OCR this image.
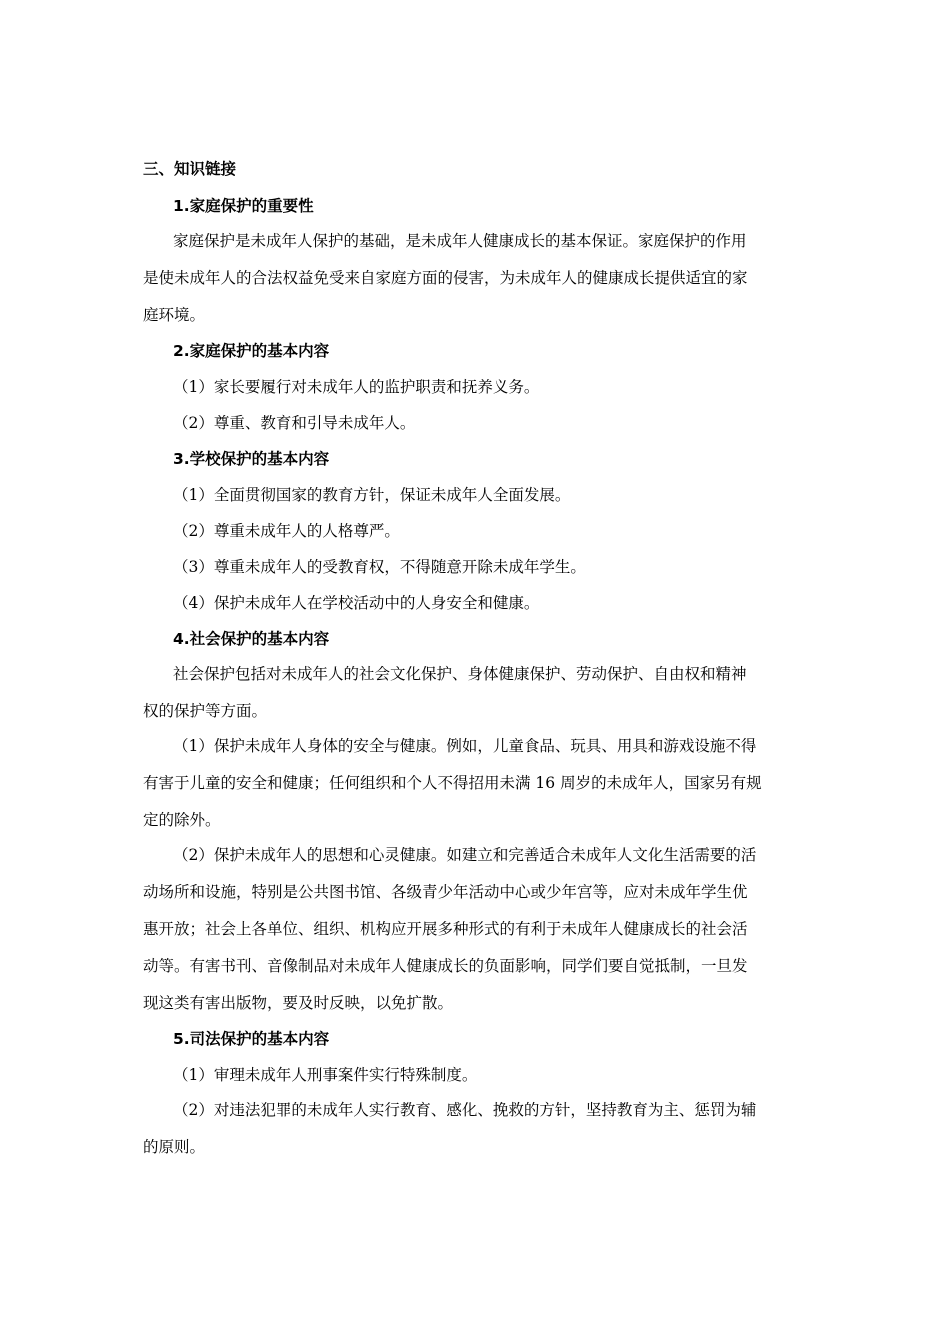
三、知识链接
1.家庭保护的重要性
家庭保护是未成年人保护的基础，是未成年人健康成长的基本保证。家庭保护的作用
是使未成年人的合法权益免受来自家庭方面的侵害，为未成年人的健康成长提供适宜的家
庭环境。
2.家庭保护的基本内容
（1）家长要履行对未成年人的监护职责和抚养义务。
（2）尊重、教育和引导未成年人。
3.学校保护的基本内容
（1）全面贯彻国家的教育方针，保证未成年人全面发展。
（2）尊重未成年人的人格尊严。
（3）尊重未成年人的受教育权，不得随意开除未成年学生。
（4）保护未成年人在学校活动中的人身安全和健康。
4.社会保护的基本内容
社会保护包括对未成年人的社会文化保护、身体健康保护、劳动保护、自由权和精神
权的保护等方面。
（1）保护未成年人身体的安全与健康。例如，儿童食品、玩具、用具和游戏设施不得
有害于儿童的安全和健康；任何组织和个人不得招用未满 16 周岁的未成年人，国家另有规
定的除外。
（2）保护未成年人的思想和心灵健康。如建立和完善适合未成年人文化生活需要的活
动场所和设施，特别是公共图书馆、各级青少年活动中心或少年宫等，应对未成年学生优
惠开放；社会上各单位、组织、机构应开展多种形式的有利于未成年人健康成长的社会活
动等。有害书刊、音像制品对未成年人健康成长的负面影响，同学们要自觉抵制，一旦发
现这类有害出版物，要及时反映，以免扩散。
5.司法保护的基本内容
（1）审理未成年人刑事案件实行特殊制度。
（2）对违法犯罪的未成年人实行教育、感化、挽救的方针，坚持教育为主、惩罚为辅
的原则。
